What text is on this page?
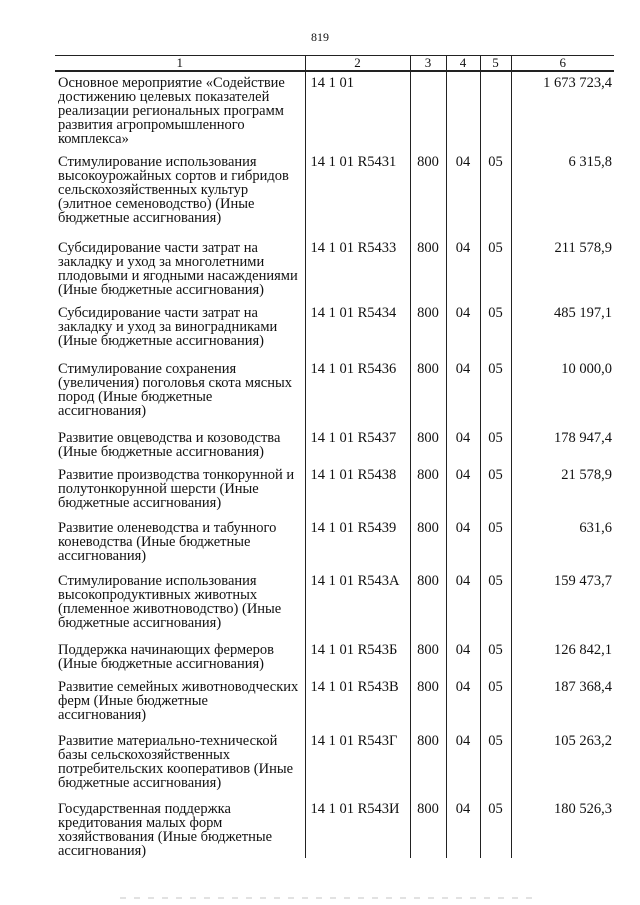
819
1	2	3	4	5	6
Основное мероприятие «Содействие достижению целевых показателей реализации региональных программ развития агропромышленного комплекса»	14 1 01				1 673 723,4
Стимулирование использования высокоурожайных сортов и гибридов сельскохозяйственных культур (элитное семеноводство) (Иные бюджетные ассигнования)	14 1 01 R5431	800	04	05	6 315,8
Субсидирование части затрат на закладку и уход за многолетними плодовыми и ягодными насаждениями (Иные бюджетные ассигнования)	14 1 01 R5433	800	04	05	211 578,9
Субсидирование части затрат на закладку и уход за виноградниками (Иные бюджетные ассигнования)	14 1 01 R5434	800	04	05	485 197,1
Стимулирование сохранения (увеличения) поголовья скота мясных пород (Иные бюджетные ассигнования)	14 1 01 R5436	800	04	05	10 000,0
Развитие овцеводства и козоводства (Иные бюджетные ассигнования)	14 1 01 R5437	800	04	05	178 947,4
Развитие производства тонкорунной и полутонкорунной шерсти (Иные бюджетные ассигнования)	14 1 01 R5438	800	04	05	21 578,9
Развитие оленеводства и табунного коневодства (Иные бюджетные ассигнования)	14 1 01 R5439	800	04	05	631,6
Стимулирование использования высокопродуктивных животных (племенное животноводство) (Иные бюджетные ассигнования)	14 1 01 R543А	800	04	05	159 473,7
Поддержка начинающих фермеров (Иные бюджетные ассигнования)	14 1 01 R543Б	800	04	05	126 842,1
Развитие семейных животноводческих ферм (Иные бюджетные ассигнования)	14 1 01 R543В	800	04	05	187 368,4
Развитие материально-технической базы сельскохозяйственных потребительских кооперативов (Иные бюджетные ассигнования)	14 1 01 R543Г	800	04	05	105 263,2
Государственная поддержка кредитования малых форм хозяйствования (Иные бюджетные ассигнования)	14 1 01 R543И	800	04	05	180 526,3
